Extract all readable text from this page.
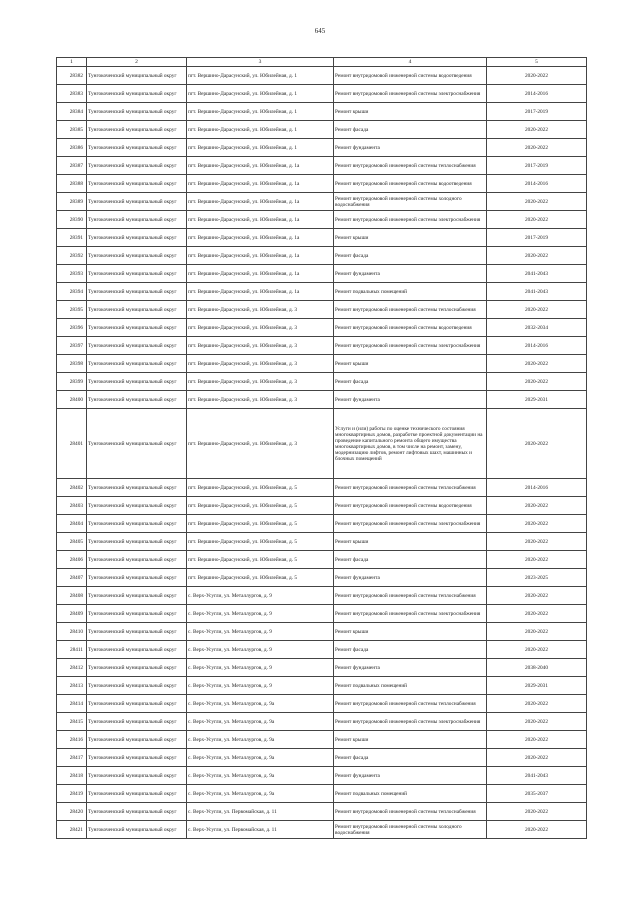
645
1	2	3	4	5
28382	Тунгокоченский муниципальный округ	пгт. Вершино-Дарасунский, ул. Юбилейная, д. 1	Ремонт внутридомовой инженерной системы водоотведения	2020-2022
28383	Тунгокоченский муниципальный округ	пгт. Вершино-Дарасунский, ул. Юбилейная, д. 1	Ремонт внутридомовой инженерной системы электроснабжения	2014-2016
28384	Тунгокоченский муниципальный округ	пгт. Вершино-Дарасунский, ул. Юбилейная, д. 1	Ремонт крыши	2017-2019
28385	Тунгокоченский муниципальный округ	пгт. Вершино-Дарасунский, ул. Юбилейная, д. 1	Ремонт фасада	2020-2022
28386	Тунгокоченский муниципальный округ	пгт. Вершино-Дарасунский, ул. Юбилейная, д. 1	Ремонт фундамента	2020-2022
28387	Тунгокоченский муниципальный округ	пгт. Вершино-Дарасунский, ул. Юбилейная, д. 1а	Ремонт внутридомовой инженерной системы теплоснабжения	2017-2019
28388	Тунгокоченский муниципальный округ	пгт. Вершино-Дарасунский, ул. Юбилейная, д. 1а	Ремонт внутридомовой инженерной системы водоотведения	2014-2016
28389	Тунгокоченский муниципальный округ	пгт. Вершино-Дарасунский, ул. Юбилейная, д. 1а	Ремонт внутридомовой инженерной системы холодного водоснабжения	2020-2022
28390	Тунгокоченский муниципальный округ	пгт. Вершино-Дарасунский, ул. Юбилейная, д. 1а	Ремонт внутридомовой инженерной системы электроснабжения	2020-2022
28391	Тунгокоченский муниципальный округ	пгт. Вершино-Дарасунский, ул. Юбилейная, д. 1а	Ремонт крыши	2017-2019
28392	Тунгокоченский муниципальный округ	пгт. Вершино-Дарасунский, ул. Юбилейная, д. 1а	Ремонт фасада	2020-2022
28393	Тунгокоченский муниципальный округ	пгт. Вершино-Дарасунский, ул. Юбилейная, д. 1а	Ремонт фундамента	2041-2043
28394	Тунгокоченский муниципальный округ	пгт. Вершино-Дарасунский, ул. Юбилейная, д. 1а	Ремонт подвальных помещений	2041-2043
28395	Тунгокоченский муниципальный округ	пгт. Вершино-Дарасунский, ул. Юбилейная, д. 3	Ремонт внутридомовой инженерной системы теплоснабжения	2020-2022
28396	Тунгокоченский муниципальный округ	пгт. Вершино-Дарасунский, ул. Юбилейная, д. 3	Ремонт внутридомовой инженерной системы водоотведения	2032-2034
28397	Тунгокоченский муниципальный округ	пгт. Вершино-Дарасунский, ул. Юбилейная, д. 3	Ремонт внутридомовой инженерной системы электроснабжения	2014-2016
28398	Тунгокоченский муниципальный округ	пгт. Вершино-Дарасунский, ул. Юбилейная, д. 3	Ремонт крыши	2020-2022
28399	Тунгокоченский муниципальный округ	пгт. Вершино-Дарасунский, ул. Юбилейная, д. 3	Ремонт фасада	2020-2022
28400	Тунгокоченский муниципальный округ	пгт. Вершино-Дарасунский, ул. Юбилейная, д. 3	Ремонт фундамента	2029-2031
28401	Тунгокоченский муниципальный округ	пгт. Вершино-Дарасунский, ул. Юбилейная, д. 3	Услуги и (или) работы по оценке технического состояния многоквартирных домов, разработке проектной документации на проведение капитального ремонта общего имущества многоквартирных домов, в том числе на ремонт, замену, модернизацию лифтов, ремонт лифтовых шахт, машинных и блочных помещений	2020-2022
28402	Тунгокоченский муниципальный округ	пгт. Вершино-Дарасунский, ул. Юбилейная, д. 5	Ремонт внутридомовой инженерной системы теплоснабжения	2014-2016
28403	Тунгокоченский муниципальный округ	пгт. Вершино-Дарасунский, ул. Юбилейная, д. 5	Ремонт внутридомовой инженерной системы водоотведения	2020-2022
28404	Тунгокоченский муниципальный округ	пгт. Вершино-Дарасунский, ул. Юбилейная, д. 5	Ремонт внутридомовой инженерной системы электроснабжения	2020-2022
28405	Тунгокоченский муниципальный округ	пгт. Вершино-Дарасунский, ул. Юбилейная, д. 5	Ремонт крыши	2020-2022
28406	Тунгокоченский муниципальный округ	пгт. Вершино-Дарасунский, ул. Юбилейная, д. 5	Ремонт фасада	2020-2022
28407	Тунгокоченский муниципальный округ	пгт. Вершино-Дарасунский, ул. Юбилейная, д. 5	Ремонт фундамента	2023-2025
28408	Тунгокоченский муниципальный округ	с. Верх-Усугли, ул. Металлургов, д. 9	Ремонт внутридомовой инженерной системы теплоснабжения	2020-2022
28409	Тунгокоченский муниципальный округ	с. Верх-Усугли, ул. Металлургов, д. 9	Ремонт внутридомовой инженерной системы электроснабжения	2020-2022
28410	Тунгокоченский муниципальный округ	с. Верх-Усугли, ул. Металлургов, д. 9	Ремонт крыши	2020-2022
28411	Тунгокоченский муниципальный округ	с. Верх-Усугли, ул. Металлургов, д. 9	Ремонт фасада	2020-2022
28412	Тунгокоченский муниципальный округ	с. Верх-Усугли, ул. Металлургов, д. 9	Ремонт фундамента	2038-2040
28413	Тунгокоченский муниципальный округ	с. Верх-Усугли, ул. Металлургов, д. 9	Ремонт подвальных помещений	2029-2031
28414	Тунгокоченский муниципальный округ	с. Верх-Усугли, ул. Металлургов, д. 9а	Ремонт внутридомовой инженерной системы теплоснабжения	2020-2022
28415	Тунгокоченский муниципальный округ	с. Верх-Усугли, ул. Металлургов, д. 9а	Ремонт внутридомовой инженерной системы электроснабжения	2020-2022
28416	Тунгокоченский муниципальный округ	с. Верх-Усугли, ул. Металлургов, д. 9а	Ремонт крыши	2020-2022
28417	Тунгокоченский муниципальный округ	с. Верх-Усугли, ул. Металлургов, д. 9а	Ремонт фасада	2020-2022
28418	Тунгокоченский муниципальный округ	с. Верх-Усугли, ул. Металлургов, д. 9а	Ремонт фундамента	2041-2043
28419	Тунгокоченский муниципальный округ	с. Верх-Усугли, ул. Металлургов, д. 9а	Ремонт подвальных помещений	2035-2037
28420	Тунгокоченский муниципальный округ	с. Верх-Усугли, ул. Первомайская, д. 11	Ремонт внутридомовой инженерной системы теплоснабжения	2020-2022
28421	Тунгокоченский муниципальный округ	с. Верх-Усугли, ул. Первомайская, д. 11	Ремонт внутридомовой инженерной системы холодного водоснабжения	2020-2022
